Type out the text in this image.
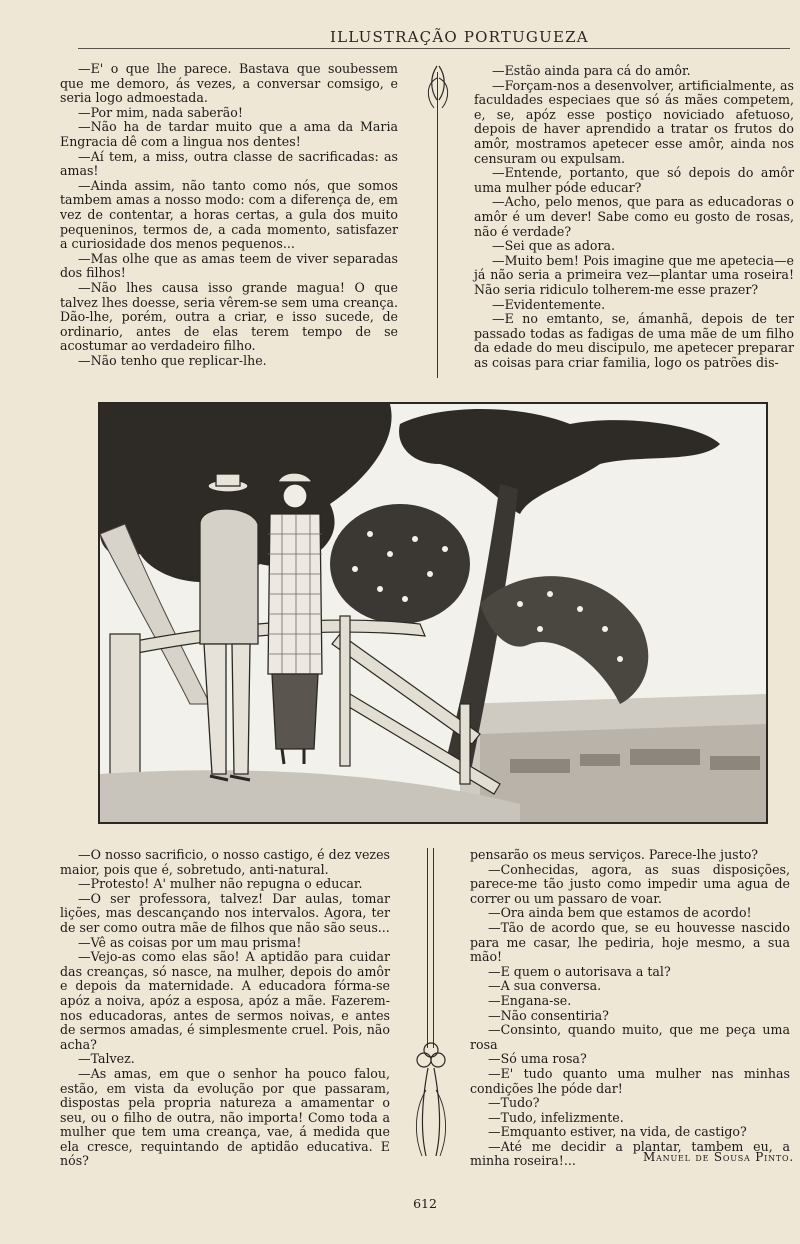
ILLUSTRAÇÃO PORTUGUEZA

—E' o que lhe parece. Bastava que soubessem que me demoro, ás vezes, a conversar comsigo, e seria logo admoestada.

—Por mim, nada saberão!

—Não ha de tardar muito que a ama da Maria Engracia dê com a lingua nos dentes!

—Aí tem, a miss, outra classe de sacrificadas: as amas!

—Ainda assim, não tanto como nós, que somos tambem amas a nosso modo: com a diferença de, em vez de contentar, a horas certas, a gula dos muito pequeninos, termos de, a cada momento, satisfazer a curiosidade dos menos pequenos...

—Mas olhe que as amas teem de viver separadas dos filhos!

—Não lhes causa isso grande magua! O que talvez lhes doesse, seria vêrem-se sem uma creança. Dão-lhe, porém, outra a criar, e isso sucede, de ordinario, antes de elas terem tempo de se acostumar ao verdadeiro filho.

—Não tenho que replicar-lhe.

—Estão ainda para cá do amôr.

—Forçam-nos a desenvolver, artificialmente, as faculdades especiaes que só ás mães competem, e, se, apóz esse postiço noviciado afetuoso, depois de haver aprendido a tratar os frutos do amôr, mostramos apetecer esse amôr, ainda nos censuram ou expulsam.

—Entende, portanto, que só depois do amôr uma mulher póde educar?

—Acho, pelo menos, que para as educadoras o amôr é um dever! Sabe como eu gosto de rosas, não é verdade?

—Sei que as adora.

—Muito bem! Pois imagine que me apetecia—e já não seria a primeira vez—plantar uma roseira! Não seria ridiculo tolherem-me esse prazer?

—Evidentemente.

—E no emtanto, se, ámanhã, depois de ter passado todas as fadigas de uma mãe de um filho da edade do meu discipulo, me apetecer preparar as coisas para criar familia, logo os patrões dis-

—O nosso sacrificio, o nosso castigo, é dez vezes maior, pois que é, sobretudo, anti-natural.

—Protesto! A' mulher não repugna o educar.

—O ser professora, talvez! Dar aulas, tomar lições, mas descançando nos intervalos. Agora, ter de ser como outra mãe de filhos que não são seus...

—Vê as coisas por um mau prisma!

—Vejo-as como elas são! A aptidão para cuidar das creanças, só nasce, na mulher, depois do amôr e depois da maternidade. A educadora fórma-se apóz a noiva, apóz a esposa, apóz a mãe. Fazerem-nos educadoras, antes de sermos noivas, e antes de sermos amadas, é simplesmente cruel. Pois, não acha?

—Talvez.

—As amas, em que o senhor ha pouco falou, estão, em vista da evolução por que passaram, dispostas pela propria natureza a amamentar o seu, ou o filho de outra, não importa! Como toda a mulher que tem uma creança, vae, á medida que ela cresce, requintando de aptidão educativa. E nós?

pensarão os meus serviços. Parece-lhe justo?

—Conhecidas, agora, as suas disposições, parece-me tão justo como impedir uma agua de correr ou um passaro de voar.

—Ora ainda bem que estamos de acordo!

—Tão de acordo que, se eu houvesse nascido para me casar, lhe pediria, hoje mesmo, a sua mão!

—E quem o autorisava a tal?

—A sua conversa.

—Engana-se.

—Não consentiria?

—Consinto, quando muito, que me peça uma rosa

—Só uma rosa?

—E' tudo quanto uma mulher nas minhas condições lhe póde dar!

—Tudo?

—Tudo, infelizmente.

—Emquanto estiver, na vida, de castigo?

—Até me decidir a plantar, tambem eu, a minha roseira!...	Manuel de Sousa Pinto.
612
